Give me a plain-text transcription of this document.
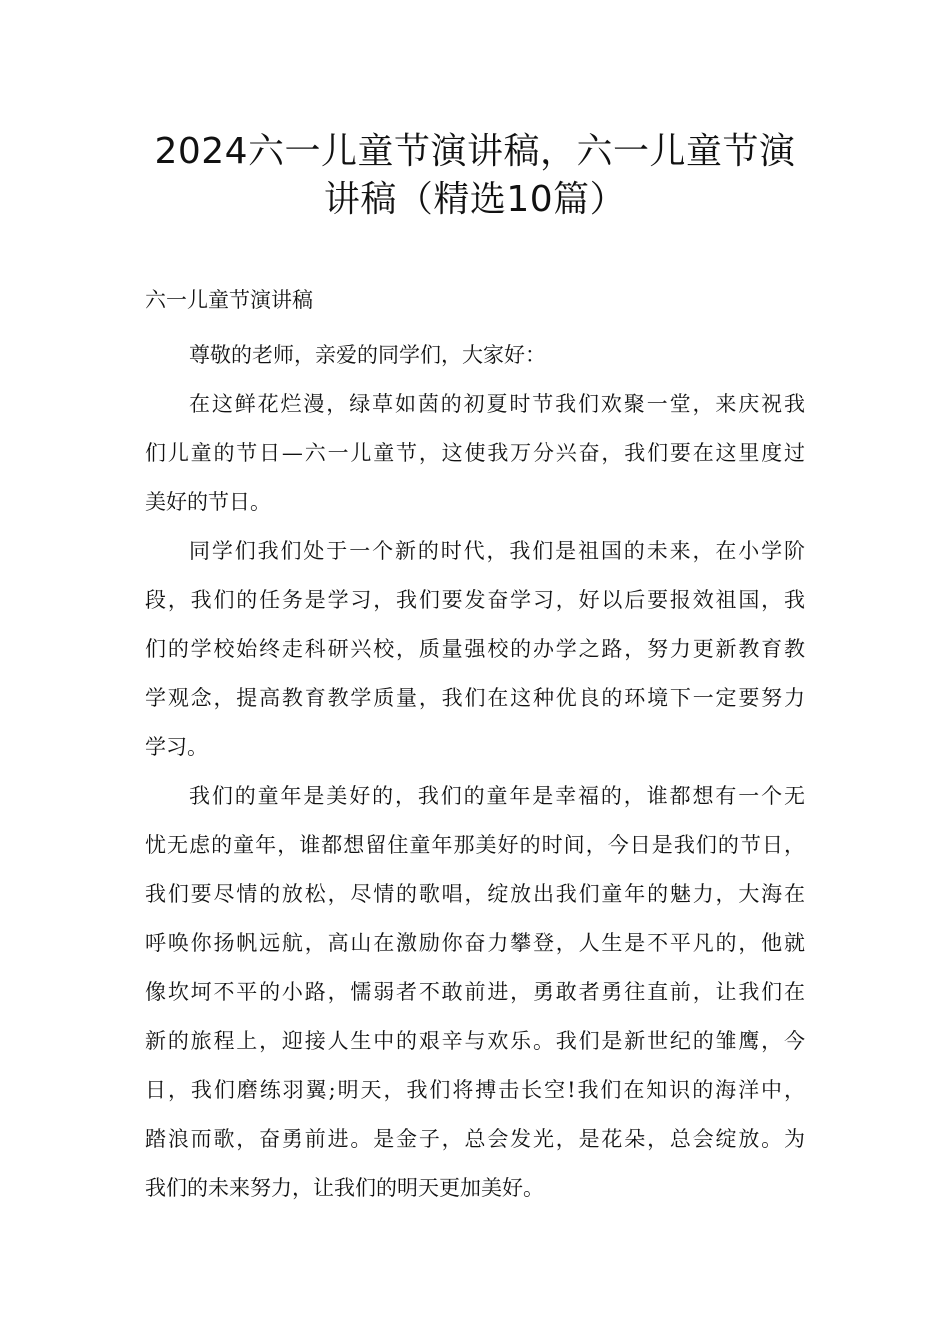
2024六一儿童节演讲稿，六一儿童节演
讲稿（精选10篇）
六一儿童节演讲稿

尊敬的老师，亲爱的同学们，大家好：

在这鲜花烂漫，绿草如茵的初夏时节我们欢聚一堂，来庆祝我
们儿童的节日—六一儿童节，这使我万分兴奋，我们要在这里度过
美好的节日。

同学们我们处于一个新的时代，我们是祖国的未来，在小学阶
段，我们的任务是学习，我们要发奋学习，好以后要报效祖国，我
们的学校始终走科研兴校，质量强校的办学之路，努力更新教育教
学观念，提高教育教学质量，我们在这种优良的环境下一定要努力
学习。

我们的童年是美好的，我们的童年是幸福的，谁都想有一个无
忧无虑的童年，谁都想留住童年那美好的时间，今日是我们的节日，
我们要尽情的放松，尽情的歌唱，绽放出我们童年的魅力，大海在
呼唤你扬帆远航，高山在激励你奋力攀登，人生是不平凡的，他就
像坎坷不平的小路，懦弱者不敢前进，勇敢者勇往直前，让我们在
新的旅程上，迎接人生中的艰辛与欢乐。我们是新世纪的雏鹰，今
日，我们磨练羽翼;明天，我们将搏击长空!我们在知识的海洋中，
踏浪而歌，奋勇前进。是金子，总会发光，是花朵，总会绽放。为
我们的未来努力，让我们的明天更加美好。
